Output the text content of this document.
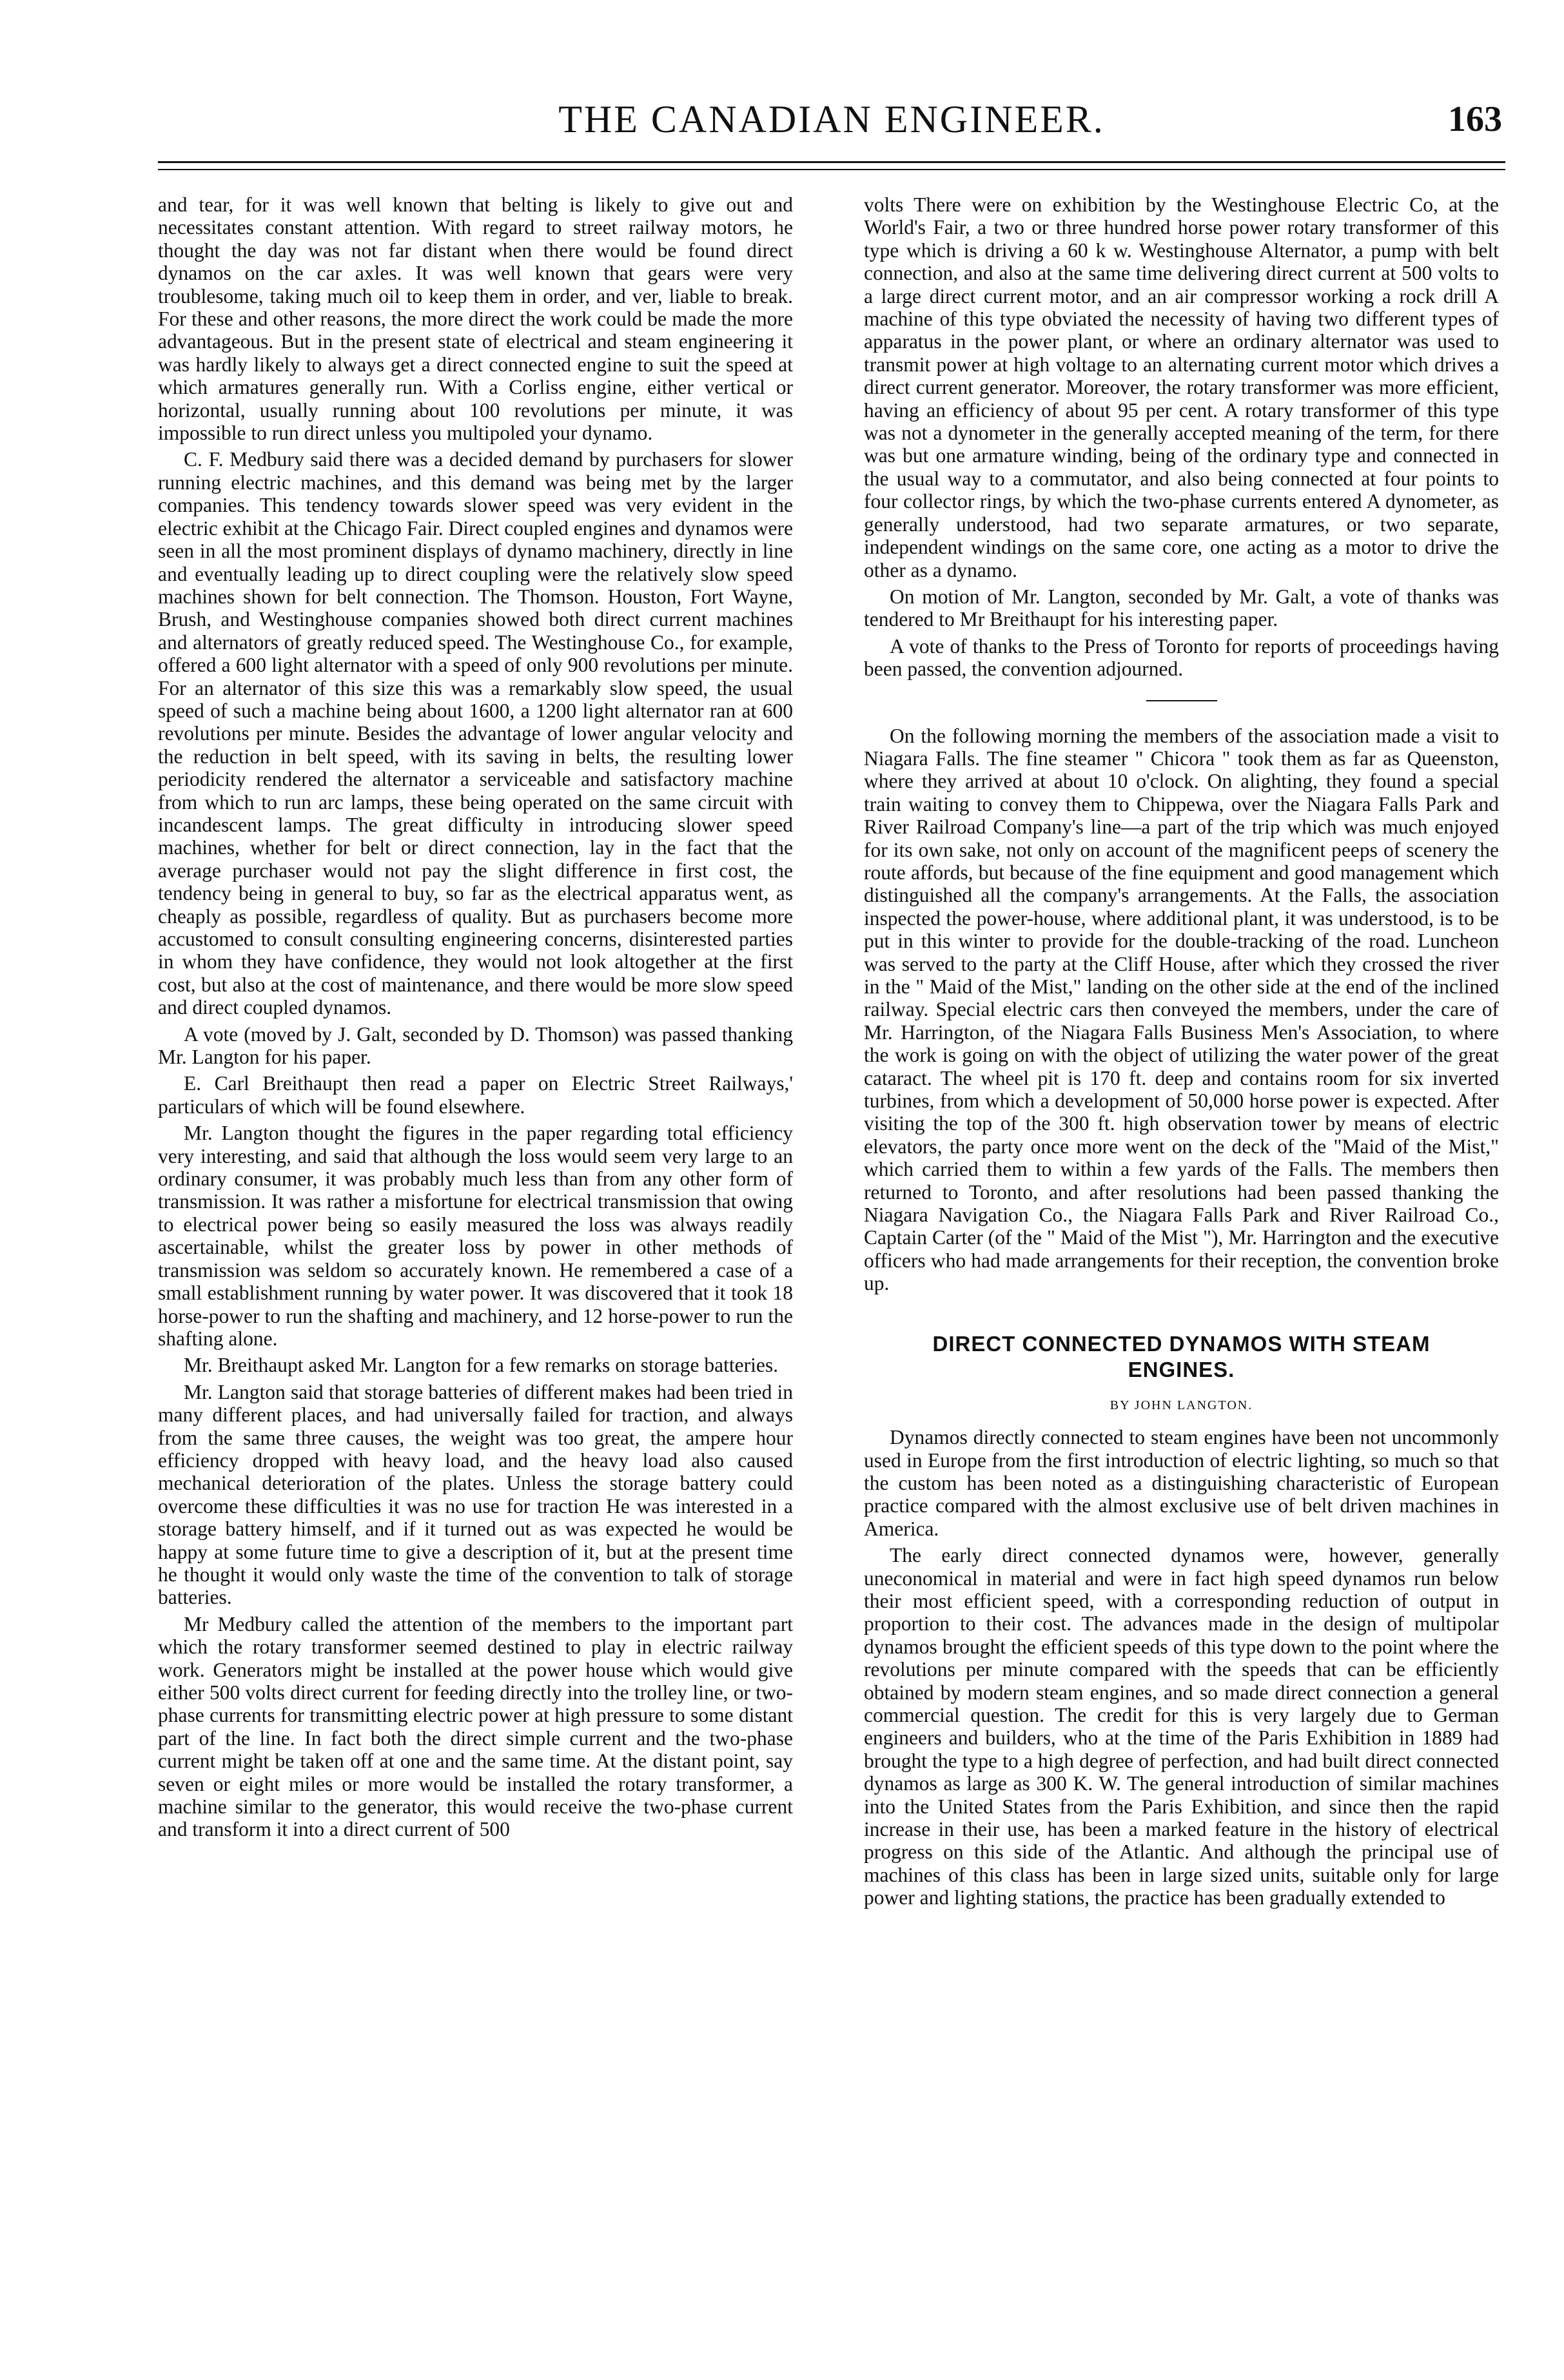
THE CANADIAN ENGINEER.	163

and tear, for it was well known that belting is likely to give out and necessitates constant attention. With regard to street railway motors, he thought the day was not far distant when there would be found direct dynamos on the car axles. It was well known that gears were very troublesome, taking much oil to keep them in order, and ver, liable to break. For these and other reasons, the more direct the work could be made the more advantageous. But in the present state of electrical and steam engineering it was hardly likely to always get a direct connected engine to suit the speed at which armatures generally run. With a Corliss engine, either vertical or horizontal, usually running about 100 revolutions per minute, it was impossible to run direct unless you multipoled your dynamo.

C. F. Medbury said there was a decided demand by purchasers for slower running electric machines, and this demand was being met by the larger companies. This tendency towards slower speed was very evident in the electric exhibit at the Chicago Fair. Direct coupled engines and dynamos were seen in all the most prominent displays of dynamo machinery, directly in line and eventually leading up to direct coupling were the relatively slow speed machines shown for belt connection. The Thomson. Houston, Fort Wayne, Brush, and Westinghouse companies showed both direct current machines and alternators of greatly reduced speed. The Westinghouse Co., for example, offered a 600 light alternator with a speed of only 900 revolutions per minute. For an alternator of this size this was a remarkably slow speed, the usual speed of such a machine being about 1600, a 1200 light alternator ran at 600 revolutions per minute. Besides the advantage of lower angular velocity and the reduction in belt speed, with its saving in belts, the resulting lower periodicity rendered the alternator a serviceable and satisfactory machine from which to run arc lamps, these being operated on the same circuit with incandescent lamps. The great difficulty in introducing slower speed machines, whether for belt or direct connection, lay in the fact that the average purchaser would not pay the slight difference in first cost, the tendency being in general to buy, so far as the electrical apparatus went, as cheaply as possible, regardless of quality. But as purchasers become more accustomed to consult consulting engineering concerns, disinterested parties in whom they have confidence, they would not look altogether at the first cost, but also at the cost of maintenance, and there would be more slow speed and direct coupled dynamos.

A vote (moved by J. Galt, seconded by D. Thomson) was passed thanking Mr. Langton for his paper.

E. Carl Breithaupt then read a paper on Electric Street Railways,' particulars of which will be found elsewhere.

Mr. Langton thought the figures in the paper regarding total efficiency very interesting, and said that although the loss would seem very large to an ordinary consumer, it was probably much less than from any other form of transmission. It was rather a misfortune for electrical transmission that owing to electrical power being so easily measured the loss was always readily ascertainable, whilst the greater loss by power in other methods of transmission was seldom so accurately known. He remembered a case of a small establishment running by water power. It was discovered that it took 18 horse-power to run the shafting and machinery, and 12 horse-power to run the shafting alone.

Mr. Breithaupt asked Mr. Langton for a few remarks on storage batteries.

Mr. Langton said that storage batteries of different makes had been tried in many different places, and had universally failed for traction, and always from the same three causes, the weight was too great, the ampere hour efficiency dropped with heavy load, and the heavy load also caused mechanical deterioration of the plates. Unless the storage battery could overcome these difficulties it was no use for traction He was interested in a storage battery himself, and if it turned out as was expected he would be happy at some future time to give a description of it, but at the present time he thought it would only waste the time of the convention to talk of storage batteries.

Mr Medbury called the attention of the members to the important part which the rotary transformer seemed destined to play in electric railway work. Generators might be installed at the power house which would give either 500 volts direct current for feeding directly into the trolley line, or two-phase currents for transmitting electric power at high pressure to some distant part of the line. In fact both the direct simple current and the two-phase current might be taken off at one and the same time. At the distant point, say seven or eight miles or more would be installed the rotary transformer, a machine similar to the generator, this would receive the two-phase current and transform it into a direct current of 500

volts There were on exhibition by the Westinghouse Electric Co, at the World's Fair, a two or three hundred horse power rotary transformer of this type which is driving a 60 k w. Westinghouse Alternator, a pump with belt connection, and also at the same time delivering direct current at 500 volts to a large direct current motor, and an air compressor working a rock drill A machine of this type obviated the necessity of having two different types of apparatus in the power plant, or where an ordinary alternator was used to transmit power at high voltage to an alternating current motor which drives a direct current generator. Moreover, the rotary transformer was more efficient, having an efficiency of about 95 per cent. A rotary transformer of this type was not a dynometer in the generally accepted meaning of the term, for there was but one armature winding, being of the ordinary type and connected in the usual way to a commutator, and also being connected at four points to four collector rings, by which the two-phase currents entered A dynometer, as generally understood, had two separate armatures, or two separate, independent windings on the same core, one acting as a motor to drive the other as a dynamo.

On motion of Mr. Langton, seconded by Mr. Galt, a vote of thanks was tendered to Mr Breithaupt for his interesting paper.

A vote of thanks to the Press of Toronto for reports of proceedings having been passed, the convention adjourned.

On the following morning the members of the association made a visit to Niagara Falls. The fine steamer " Chicora " took them as far as Queenston, where they arrived at about 10 o'clock. On alighting, they found a special train waiting to convey them to Chippewa, over the Niagara Falls Park and River Railroad Company's line—a part of the trip which was much enjoyed for its own sake, not only on account of the magnificent peeps of scenery the route affords, but because of the fine equipment and good management which distinguished all the company's arrangements. At the Falls, the association inspected the power-house, where additional plant, it was understood, is to be put in this winter to provide for the double-tracking of the road. Luncheon was served to the party at the Cliff House, after which they crossed the river in the " Maid of the Mist," landing on the other side at the end of the inclined railway. Special electric cars then conveyed the members, under the care of Mr. Harrington, of the Niagara Falls Business Men's Association, to where the work is going on with the object of utilizing the water power of the great cataract. The wheel pit is 170 ft. deep and contains room for six inverted turbines, from which a development of 50,000 horse power is expected. After visiting the top of the 300 ft. high observation tower by means of electric elevators, the party once more went on the deck of the "Maid of the Mist," which carried them to within a few yards of the Falls. The members then returned to Toronto, and after resolutions had been passed thanking the Niagara Navigation Co., the Niagara Falls Park and River Railroad Co., Captain Carter (of the " Maid of the Mist "), Mr. Harrington and the executive officers who had made arrangements for their reception, the convention broke up.

DIRECT CONNECTED DYNAMOS WITH STEAM ENGINES.
BY JOHN LANGTON.

Dynamos directly connected to steam engines have been not uncommonly used in Europe from the first introduction of electric lighting, so much so that the custom has been noted as a distinguishing characteristic of European practice compared with the almost exclusive use of belt driven machines in America.

The early direct connected dynamos were, however, generally uneconomical in material and were in fact high speed dynamos run below their most efficient speed, with a corresponding reduction of output in proportion to their cost. The advances made in the design of multipolar dynamos brought the efficient speeds of this type down to the point where the revolutions per minute compared with the speeds that can be efficiently obtained by modern steam engines, and so made direct connection a general commercial question. The credit for this is very largely due to German engineers and builders, who at the time of the Paris Exhibition in 1889 had brought the type to a high degree of perfection, and had built direct connected dynamos as large as 300 K. W. The general introduction of similar machines into the United States from the Paris Exhibition, and since then the rapid increase in their use, has been a marked feature in the history of electrical progress on this side of the Atlantic. And although the principal use of machines of this class has been in large sized units, suitable only for large power and lighting stations, the practice has been gradually extended to
